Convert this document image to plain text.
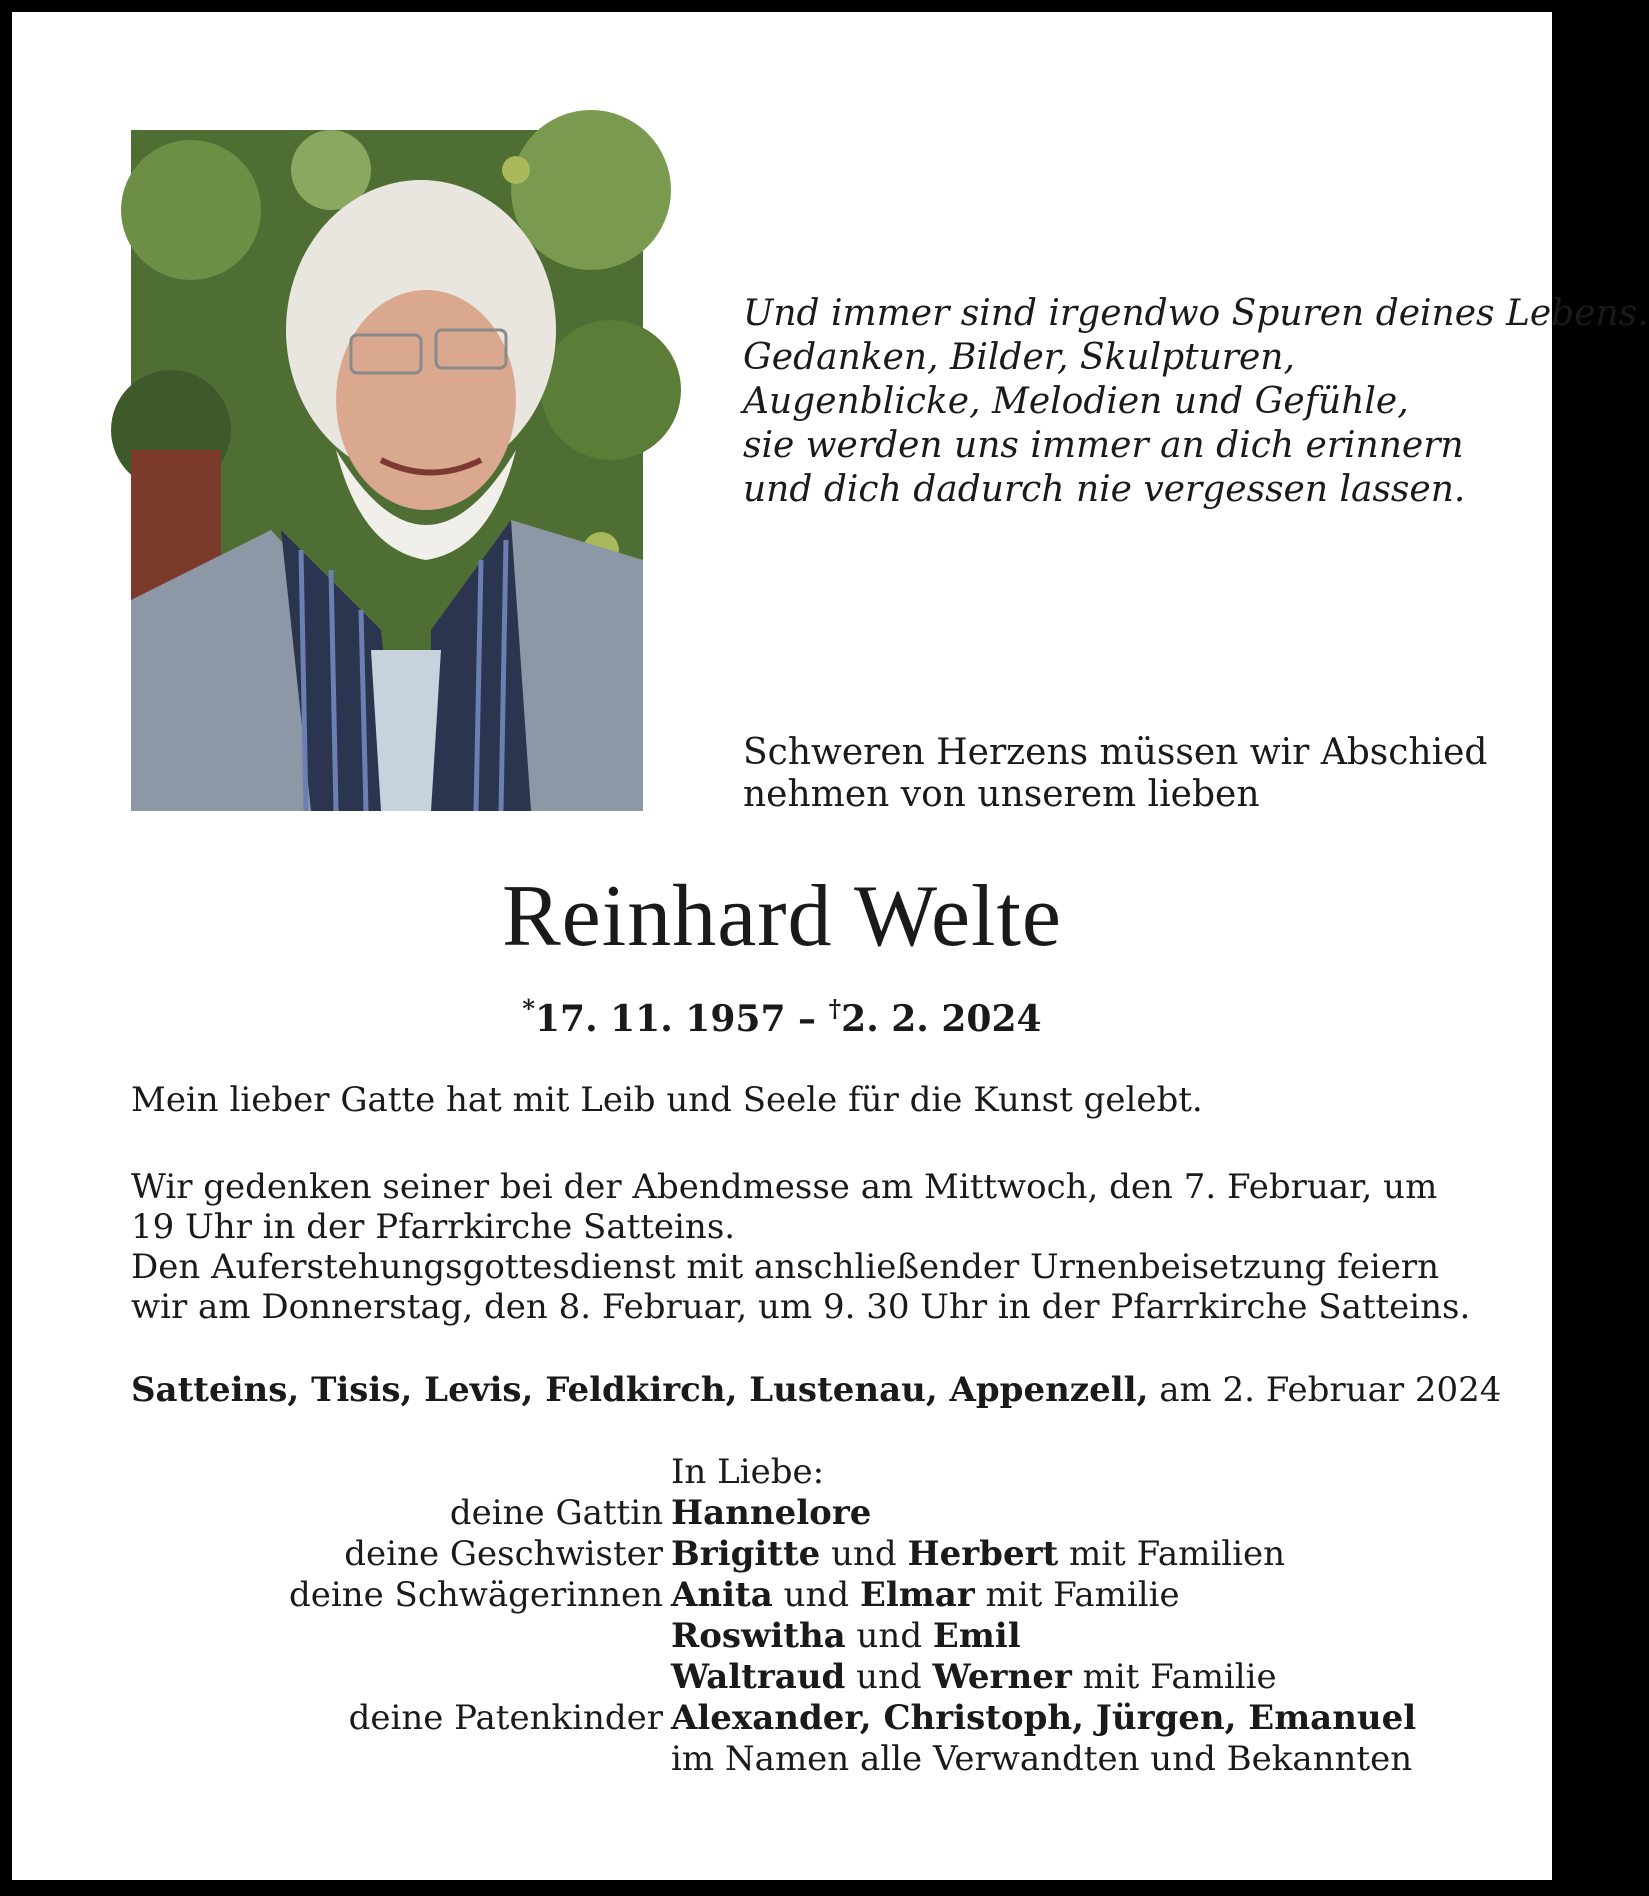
Und immer sind irgendwo Spuren deines Lebens.
Gedanken, Bilder, Skulpturen,
Augenblicke, Melodien und Gefühle,
sie werden uns immer an dich erinnern
und dich dadurch nie vergessen lassen.
Schweren Herzens müssen wir Abschied
nehmen von unserem lieben
Reinhard Welte
*17. 11. 1957 – †2. 2. 2024
Mein lieber Gatte hat mit Leib und Seele für die Kunst gelebt.
Wir gedenken seiner bei der Abendmesse am Mittwoch, den 7. Februar, um
19 Uhr in der Pfarrkirche Satteins.
Den Auferstehungsgottesdienst mit anschließender Urnenbeisetzung feiern
wir am Donnerstag, den 8. Februar, um 9. 30 Uhr in der Pfarrkirche Satteins.
Satteins, Tisis, Levis, Feldkirch, Lustenau, Appenzell, am 2. Februar 2024
In Liebe:
deine Gattin Hannelore
deine Geschwister Brigitte und Herbert mit Familien
deine Schwägerinnen Anita und Elmar mit Familie
Roswitha und Emil
Waltraud und Werner mit Familie
deine Patenkinder Alexander, Christoph, Jürgen, Emanuel
im Namen alle Verwandten und Bekannten
